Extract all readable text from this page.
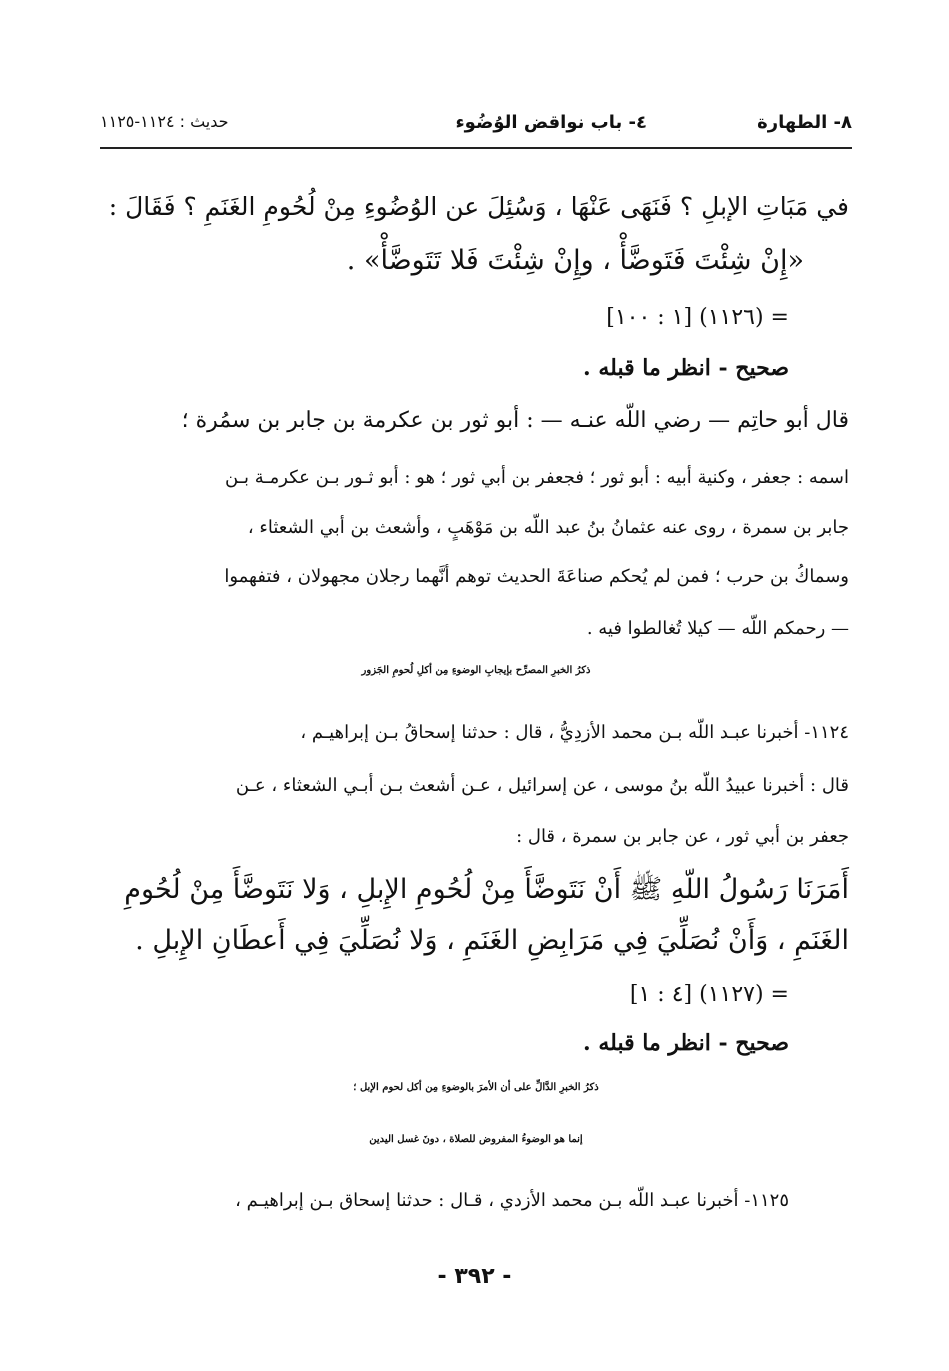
٨- الطهارة
٤- باب نواقض الوُضُوء
حديث : ١١٢٤-١١٢٥
في مَبَاتِ الإبلِ ؟ فَنَهَى عَنْهَا ، وَسُئِلَ عن الوُضُوءِ مِنْ لُحُومِ الغَنَمِ ؟ فَقَالَ :
«إِنْ شِئْتَ فَتَوضَّأْ ، وإِنْ شِئْتَ فَلا تَتَوضَّأْ» .
= (١١٢٦) [١ : ١٠٠]
صحيح - انظر ما قبله .
قال أبو حاتِم — رضي اللّه عنـه — : أبو ثور بن عكرمة بن جابر بن سمُرة ؛
اسمه : جعفر ، وكنية أبيه : أبو ثور ؛ فجعفر بن أبي ثور ؛ هو : أبو ثـور بـن عكرمـة بـن
جابر بن سمرة ، روى عنه عثمانُ بنُ عبد اللّه بن مَوْهَبٍ ، وأشعث بن أبي الشعثاء ،
وسماكُ بن حرب ؛ فمن لم يُحكم صناعَةَ الحديث توهم أنَّهما رجلان مجهولان ، فتفهموا
— رحمكم اللّه — كيلا تُغالطوا فيه .
ذكرُ الخبرِ المصرِّح بإيجابِ الوضوءِ مِن أكلِ لُحومِ الجَزور
١١٢٤- أخبرنا عبـد اللّه بـن محمد الأزدِيُّ ، قال : حدثنا إسحاقُ بـن إبراهيـم ،
قال : أخبرنا عبيدُ اللّه بنُ موسى ، عن إسرائيل ، عـن أشعث بـن أبـي الشعثاء ، عـن
جعفر بن أبي ثور ، عن جابر بن سمرة ، قال :
أَمَرَنَا رَسُولُ اللّهِ ﷺ أَنْ نَتَوضَّأَ مِنْ لُحُومِ الإِبلِ ، وَلا نَتَوضَّأَ مِنْ لُحُومِ
الغَنَمِ ، وَأَنْ نُصَلِّيَ فِي مَرَابِضِ الغَنَمِ ، وَلا نُصَلِّيَ فِي أَعطَانِ الإِبلِ .
= (١١٢٧) [٤ : ١]
صحيح - انظر ما قبله .
ذكرُ الخبرِ الدَّالِّ على أن الأمرَ بالوضوءِ مِن أكل لحوم الإبل ؛
إنما هو الوضوءُ المفروض للصلاة ، دونَ غسل اليدين
١١٢٥- أخبرنا عبـد اللّه بـن محمد الأزدي ، قـال : حدثنا إسحاق بـن إبراهيـم ،
- ٣٩٢ -
